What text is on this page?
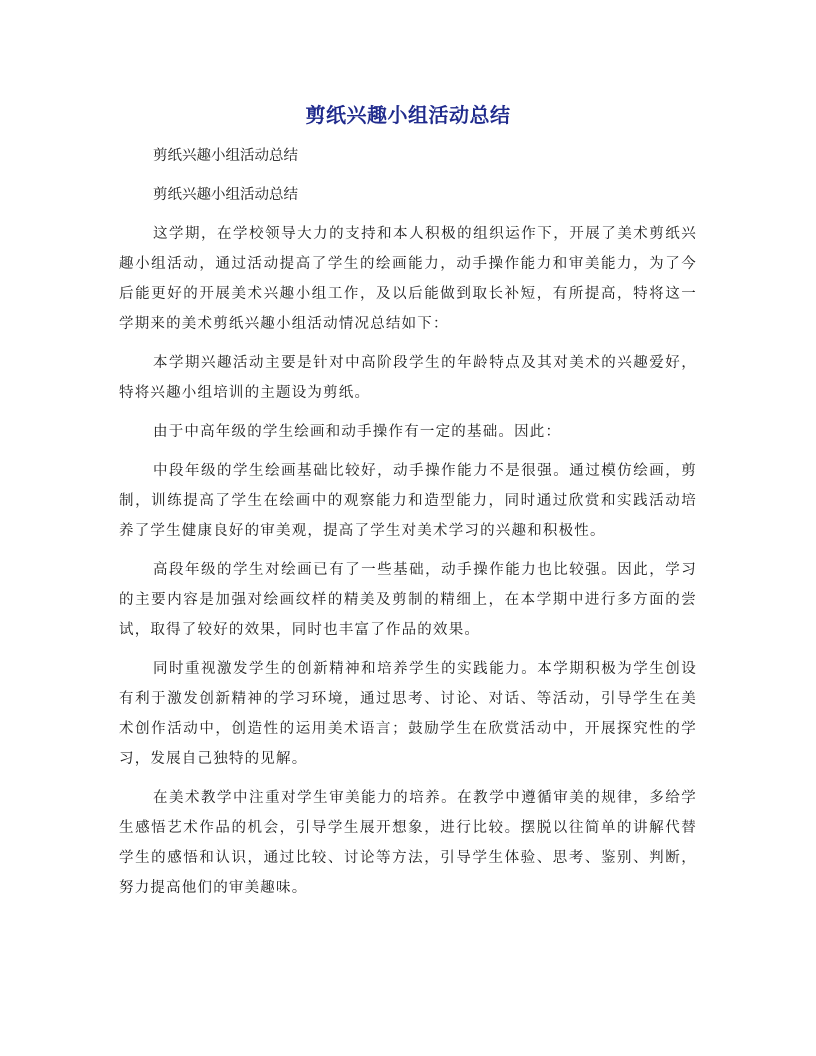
剪纸兴趣小组活动总结

剪纸兴趣小组活动总结

剪纸兴趣小组活动总结

这学期，在学校领导大力的支持和本人积极的组织运作下，开展了美术剪纸兴趣小组活动，通过活动提高了学生的绘画能力，动手操作能力和审美能力，为了今后能更好的开展美术兴趣小组工作，及以后能做到取长补短，有所提高，特将这一学期来的美术剪纸兴趣小组活动情况总结如下：

本学期兴趣活动主要是针对中高阶段学生的年龄特点及其对美术的兴趣爱好，特将兴趣小组培训的主题设为剪纸。

由于中高年级的学生绘画和动手操作有一定的基础。因此：

中段年级的学生绘画基础比较好，动手操作能力不是很强。通过模仿绘画，剪制，训练提高了学生在绘画中的观察能力和造型能力，同时通过欣赏和实践活动培养了学生健康良好的审美观，提高了学生对美术学习的兴趣和积极性。

高段年级的学生对绘画已有了一些基础，动手操作能力也比较强。因此，学习的主要内容是加强对绘画纹样的精美及剪制的精细上，在本学期中进行多方面的尝试，取得了较好的效果，同时也丰富了作品的效果。

同时重视激发学生的创新精神和培养学生的实践能力。本学期积极为学生创设有利于激发创新精神的学习环境，通过思考、讨论、对话、等活动，引导学生在美术创作活动中，创造性的运用美术语言；鼓励学生在欣赏活动中，开展探究性的学习，发展自己独特的见解。

在美术教学中注重对学生审美能力的培养。在教学中遵循审美的规律，多给学生感悟艺术作品的机会，引导学生展开想象，进行比较。摆脱以往简单的讲解代替学生的感悟和认识，通过比较、讨论等方法，引导学生体验、思考、鉴别、判断，努力提高他们的审美趣味。
